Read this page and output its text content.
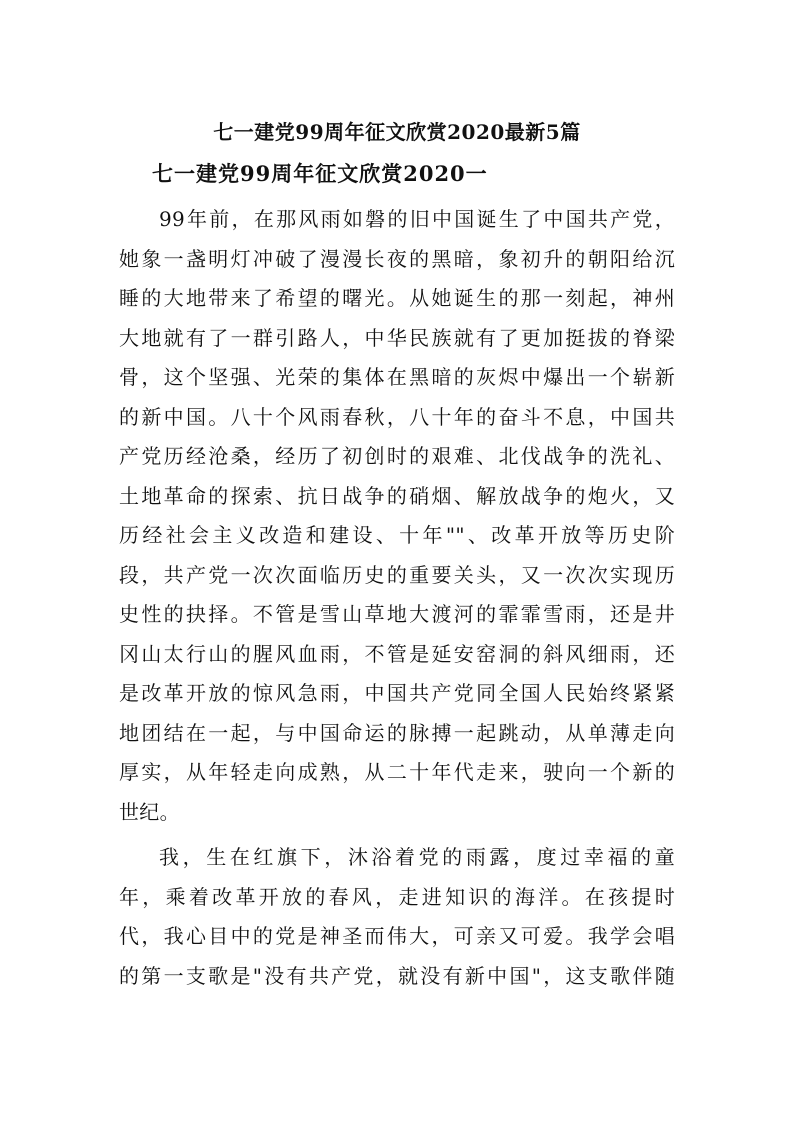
七一建党99周年征文欣赏2020最新5篇
七一建党99周年征文欣赏2020一
99年前，在那风雨如磐的旧中国诞生了中国共产党，
她象一盏明灯冲破了漫漫长夜的黑暗，象初升的朝阳给沉
睡的大地带来了希望的曙光。从她诞生的那一刻起，神州
大地就有了一群引路人，中华民族就有了更加挺拔的脊梁
骨，这个坚强、光荣的集体在黑暗的灰烬中爆出一个崭新
的新中国。八十个风雨春秋，八十年的奋斗不息，中国共
产党历经沧桑，经历了初创时的艰难、北伐战争的洗礼、
土地革命的探索、抗日战争的硝烟、解放战争的炮火，又
历经社会主义改造和建设、十年""、改革开放等历史阶
段，共产党一次次面临历史的重要关头，又一次次实现历
史性的抉择。不管是雪山草地大渡河的霏霏雪雨，还是井
冈山太行山的腥风血雨，不管是延安窑洞的斜风细雨，还
是改革开放的惊风急雨，中国共产党同全国人民始终紧紧
地团结在一起，与中国命运的脉搏一起跳动，从单薄走向
厚实，从年轻走向成熟，从二十年代走来，驶向一个新的
世纪。
我，生在红旗下，沐浴着党的雨露，度过幸福的童
年，乘着改革开放的春风，走进知识的海洋。在孩提时
代，我心目中的党是神圣而伟大，可亲又可爱。我学会唱
的第一支歌是"没有共产党，就没有新中国"，这支歌伴随
